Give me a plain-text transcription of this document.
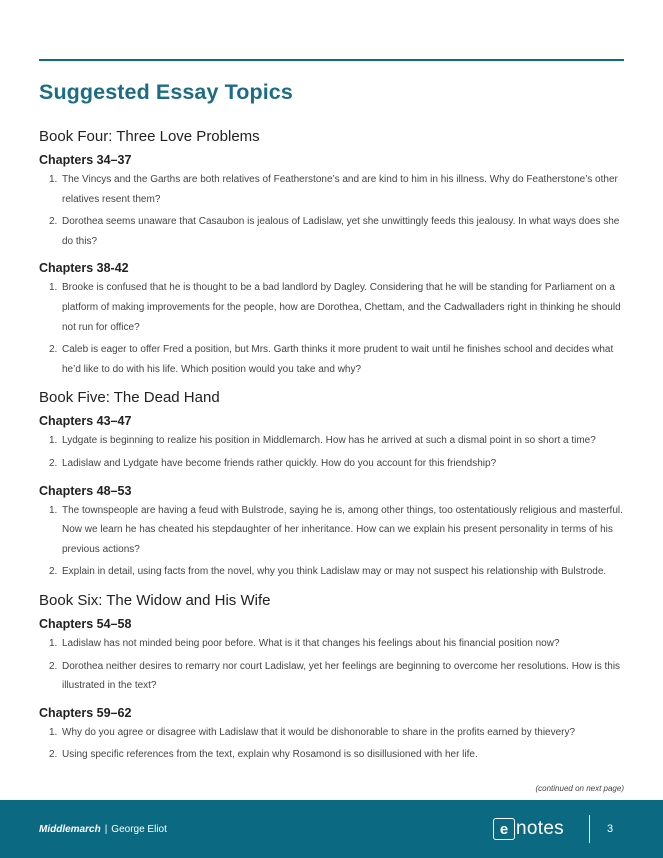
Suggested Essay Topics
Book Four: Three Love Problems
Chapters 34–37
1. The Vincys and the Garths are both relatives of Featherstone’s and are kind to him in his illness. Why do Featherstone’s other relatives resent them?
2. Dorothea seems unaware that Casaubon is jealous of Ladislaw, yet she unwittingly feeds this jealousy. In what ways does she do this?
Chapters 38-42
1. Brooke is confused that he is thought to be a bad landlord by Dagley. Considering that he will be standing for Parliament on a platform of making improvements for the people, how are Dorothea, Chettam, and the Cadwalladers right in thinking he should not run for office?
2. Caleb is eager to offer Fred a position, but Mrs. Garth thinks it more prudent to wait until he finishes school and decides what he’d like to do with his life. Which position would you take and why?
Book Five: The Dead Hand
Chapters 43–47
1. Lydgate is beginning to realize his position in Middlemarch. How has he arrived at such a dismal point in so short a time?
2. Ladislaw and Lydgate have become friends rather quickly. How do you account for this friendship?
Chapters 48–53
1. The townspeople are having a feud with Bulstrode, saying he is, among other things, too ostentatiously religious and masterful. Now we learn he has cheated his stepdaughter of her inheritance. How can we explain his present personality in terms of his previous actions?
2. Explain in detail, using facts from the novel, why you think Ladislaw may or may not suspect his relationship with Bulstrode.
Book Six: The Widow and His Wife
Chapters 54–58
1. Ladislaw has not minded being poor before. What is it that changes his feelings about his financial position now?
2. Dorothea neither desires to remarry nor court Ladislaw, yet her feelings are beginning to overcome her resolutions. How is this illustrated in the text?
Chapters 59–62
1. Why do you agree or disagree with Ladislaw that it would be dishonorable to share in the profits earned by thievery?
2. Using specific references from the text, explain why Rosamond is so disillusioned with her life.
(continued on next page)
Middlemarch | George Eliot	e notes	3
